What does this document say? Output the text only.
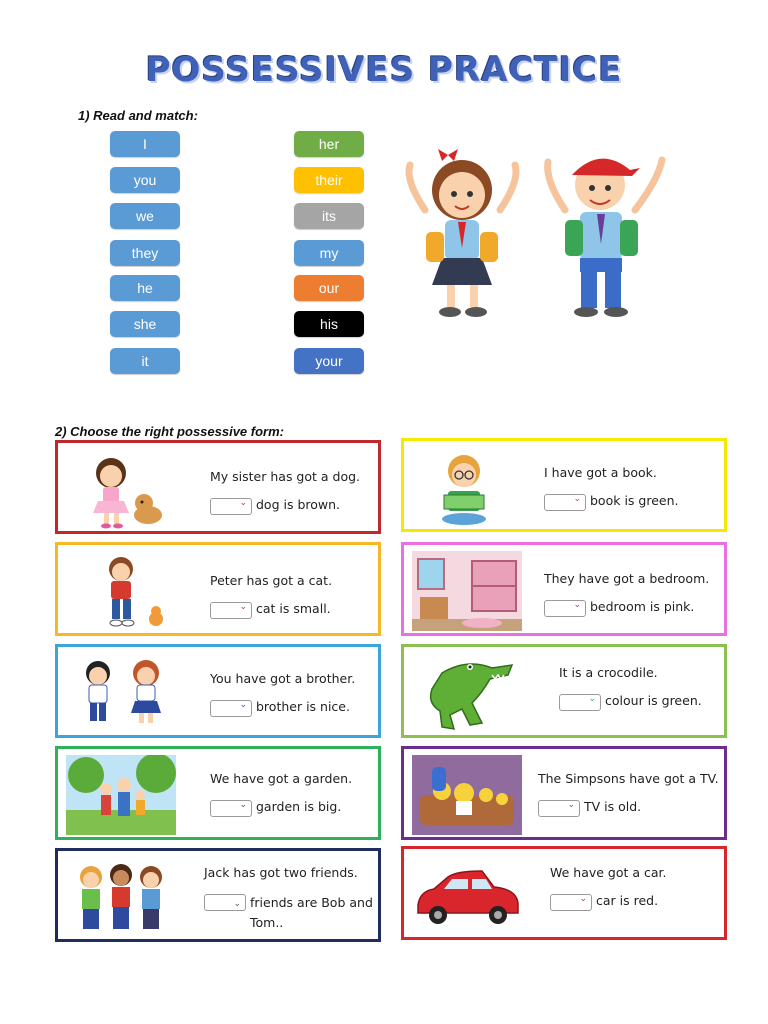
POSSESSIVES PRACTICE
1) Read and match:
I
you
we
they
he
she
it
her
their
its
my
our
his
your
2) Choose the right possessive form:
My sister has got a dog.
⌄ dog is brown.
I have got a book.
⌄ book is green.
Peter has got a cat.
⌄ cat is small.
They have got a bedroom.
⌄ bedroom is pink.
You have got a brother.
⌄ brother is nice.
It is a crocodile.
⌄ colour is green.
We have got a garden.
⌄ garden is big.
The Simpsons have got a TV.
⌄ TV is old.
Jack has got two friends.
⌄ friends are Bob and Tom..
We have got a car.
⌄ car is red.
